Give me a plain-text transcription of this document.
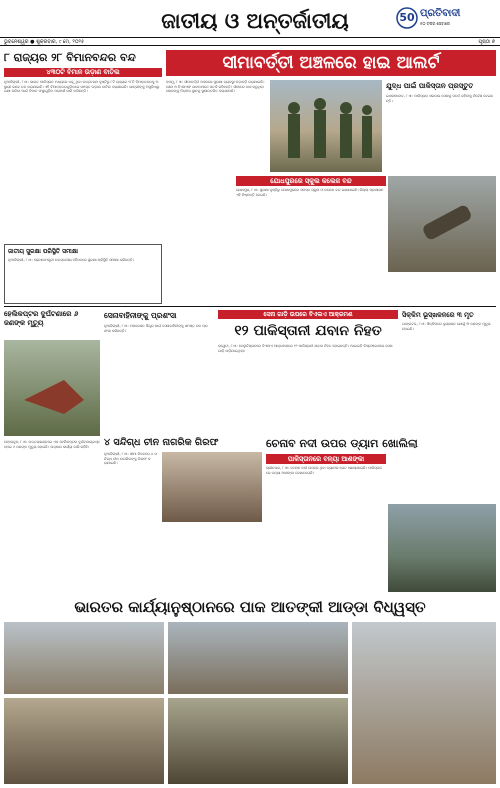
ଜାତୀୟ ଓ ଅନ୍ତର୍ଜାତୀୟ	50 ପ୍ରତିବାଦୀ
୫୦ ବର୍ଷର ସେବାରେ
ଭୁବନେଶ୍ୱର ● ଶୁକ୍ରବାର, ୯ ମେ, ୨୦୨୫	ପୃଷ୍ଠା ୭
୮ ରାଜ୍ୟର ୨୮ ବିମାନବନ୍ଦର ବନ୍ଦ
୪୩୦ଟି ବିମାନ ଉଡ଼ାଣ ବାତିଲ
ନୂଆଦିଲ୍ଲୀ, ୮।୫: ଭାରତ ପାକିସ୍ତାନ ମଧ୍ୟରେ ବଢ଼ୁଥିବା ଉତ୍ତେଜନା ଦୃଷ୍ଟିରୁ ୮ଟି ରାଜ୍ୟର ୨୮ଟି ବିମାନବନ୍ଦରକୁ ଅସ୍ଥାୟୀ ଭାବେ ବନ୍ଦ କରାଯାଇଛି। ଏହି ବିମାନବନ୍ଦରଗୁଡ଼ିକରେ ସମସ୍ତ ଉଡ଼ାଣ ବାତିଲ କରାଯାଇଛି। ଯାତ୍ରୀଙ୍କୁ ଅସୁବିଧାରୁ ରକ୍ଷା କରିବା ପାଇଁ ବିମାନ ସଂସ୍ଥାଗୁଡ଼ିକ ପରାମର୍ଶ ଜାରି କରିଛନ୍ତି।
ଜାତୀୟ ସୁରକ୍ଷା ପରିସ୍ଥିତି ସମୀକ୍ଷା
ନୂଆଦିଲ୍ଲୀ, ୮।୫: ପ୍ରଧାନମନ୍ତ୍ରୀ ଉଚ୍ଚସ୍ତରୀୟ ବୈଠକରେ ସୁରକ୍ଷା ପରିସ୍ଥିତି ସମୀକ୍ଷା କରିଛନ୍ତି।
ସୀମାବର୍ତ୍ତୀ ଅଞ୍ଚଳରେ ହାଇ ଆଲର୍ଟ
ଜମ୍ମୁ, ୮।୫: ସୀମାବର୍ତ୍ତୀ ଅଞ୍ଚଳରେ ସୁରକ୍ଷା ବ୍ୟବସ୍ଥା କଡ଼ାକଡ଼ି କରାଯାଇଛି। ସେନା ଓ ବିଏସଏଫ ଯବାନମାନେ ସତର୍କ ରହିଛନ୍ତି। ସୀମାରେ ବାସ କରୁଥିବା ଲୋକଙ୍କୁ ନିରାପଦ ସ୍ଥାନକୁ ସ୍ଥାନାନ୍ତରିତ କରାଯାଉଛି।
ଯୁଦ୍ଧ ପାଇଁ ପାକିସ୍ତାନ ପ୍ରସ୍ତୁତ
ଇସଲାମାବାଦ, ୮।୫: ପାକିସ୍ତାନ ସରକାର ସେନାକୁ ସତର୍କ ରହିବାକୁ ନିର୍ଦ୍ଦେଶ ଦେଇଛନ୍ତି।
ଯୋଧପୁରରେ ସ୍କୁଲ କଲେଜ ବନ୍ଦ
ଯୋଧପୁର, ୮।୫: ସୁରକ୍ଷା ଦୃଷ୍ଟିରୁ ଯୋଧପୁରରେ ସମସ୍ତ ସ୍କୁଲ ଓ କଲେଜ ବନ୍ଦ ରଖାଯାଇଛି। ଜିଲ୍ଲା ପ୍ରଶାସନ ଏହି ନିଷ୍ପତ୍ତି ନେଇଛି।
ହେଲିକପ୍ଟର ଦୁର୍ଘଟଣାରେ ୬ ଜଣଙ୍କ ମୃତ୍ୟୁ
ଦେହରାଦୁନ, ୮।୫: ଉତ୍ତରାଖଣ୍ଡରେ ଏକ ହେଲିକପ୍ଟର ଦୁର୍ଘଟଣାଗ୍ରସ୍ତ ହୋଇ ୬ ଜଣଙ୍କ ମୃତ୍ୟୁ ହୋଇଛି। ଉଦ୍ଧାର କାର୍ଯ୍ୟ ଜାରି ରହିଛି।
ସେନାବାହିନୀଙ୍କୁ ପ୍ରଶଂସା
ନୂଆଦିଲ୍ଲୀ, ୮।୫: ଅପରେସନ ସିନ୍ଦୂର ପାଇଁ ସେନାବାହିନୀଙ୍କୁ ସମସ୍ତ ଦଳ ପ୍ରଶଂସା କରିଛନ୍ତି।
ସେନା ଗାଡ଼ି ଉପରେ ବିଏଲଏ ଆକ୍ରମଣ
୧୨ ପାକିସ୍ତାନୀ ଯବାନ ନିହତ
କ୍ୱେଟା, ୮।୫: ବେଲୁଚିସ୍ତାନରେ ବିଏଲଏ ଆକ୍ରମଣରେ ୧୨ ପାକିସ୍ତାନୀ ଯବାନ ନିହତ ହୋଇଛନ୍ତି। ଆଇଇଡି ବିସ୍ଫୋରଣରେ ସେନା ଗାଡ଼ି ଉଡ଼ିଯାଇଥିଲା।
ସିକ୍କିମ ଭୂସ୍ଖଳନରେ ୩ ମୃତ
ଗାଙ୍ଗଟକ, ୮।୫: ସିକ୍କିମରେ ଭୂସ୍ଖଳନ ଯୋଗୁଁ ୩ ଜଣଙ୍କ ମୃତ୍ୟୁ ହୋଇଛି।
୪ ସନ୍ଦିଗ୍ଧ ଚୀନ ନାଗରିକ ଗିରଫ
ନୂଆଦିଲ୍ଲୀ, ୮।୫: ସୀମା ନିକଟରେ ୪ ସନ୍ଦିଗ୍ଧ ଚୀନ ନାଗରିକଙ୍କୁ ଗିରଫ କରାଯାଇଛି।
ଚେନାବ ନଦୀ ଉପର ଡ୍ୟାମ ଖୋଲିଲା
ପାକିସ୍ତାନରେ ବନ୍ୟା ଆଶଙ୍କା
ଶ୍ରୀନଗର, ୮।୫: ଚେନାବ ନଦୀ ଉପରେ ଥିବା ଡ୍ୟାମର ଗେଟ ଖୋଲାଯାଇଛି। ପାକିସ୍ତାନରେ ବନ୍ୟା ଆଶଙ୍କା ଦେଖାଦେଇଛି।
ଭାରତର କାର୍ଯ୍ୟାନୁଷ୍ଠାନରେ ପାକ ଆତଙ୍କୀ ଆଡ୍ଡା ବିଧ୍ୱସ୍ତ
